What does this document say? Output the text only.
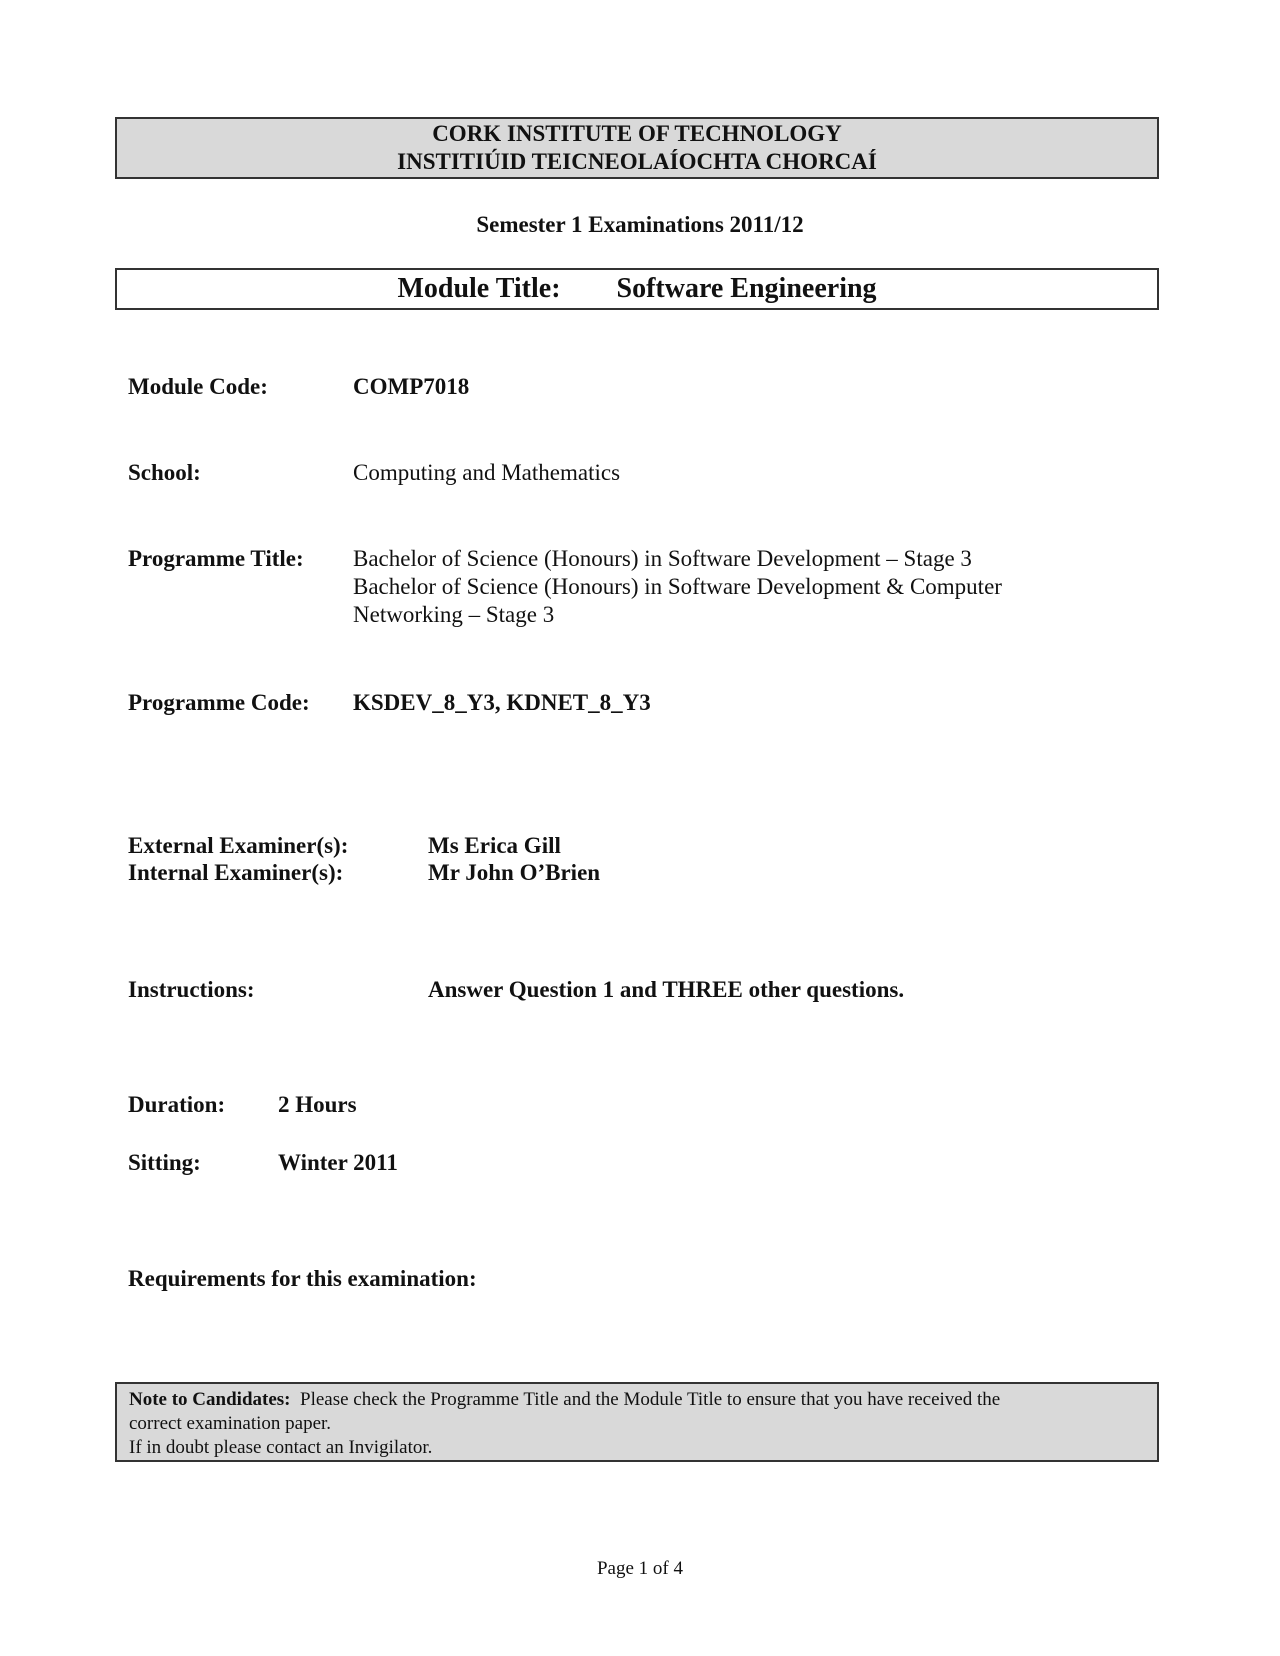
CORK INSTITUTE OF TECHNOLOGY
INSTITIÚID TEICNEOLAÍOCHTA CHORCAÍ
Semester 1 Examinations 2011/12
Module Title: Software Engineering
Module Code:	COMP7018
School:	Computing and Mathematics
Programme Title: Bachelor of Science (Honours) in Software Development – Stage 3
Bachelor of Science (Honours) in Software Development & Computer
Networking – Stage 3
Programme Code: KSDEV_8_Y3, KDNET_8_Y3
External Examiner(s):	Ms Erica Gill
Internal Examiner(s):	Mr John O’Brien
Instructions:	Answer Question 1 and THREE other questions.
Duration: 2 Hours
Sitting:	Winter 2011
Requirements for this examination:
Note to Candidates: Please check the Programme Title and the Module Title to ensure that you have received the
correct examination paper.
If in doubt please contact an Invigilator.
Page 1 of 4
